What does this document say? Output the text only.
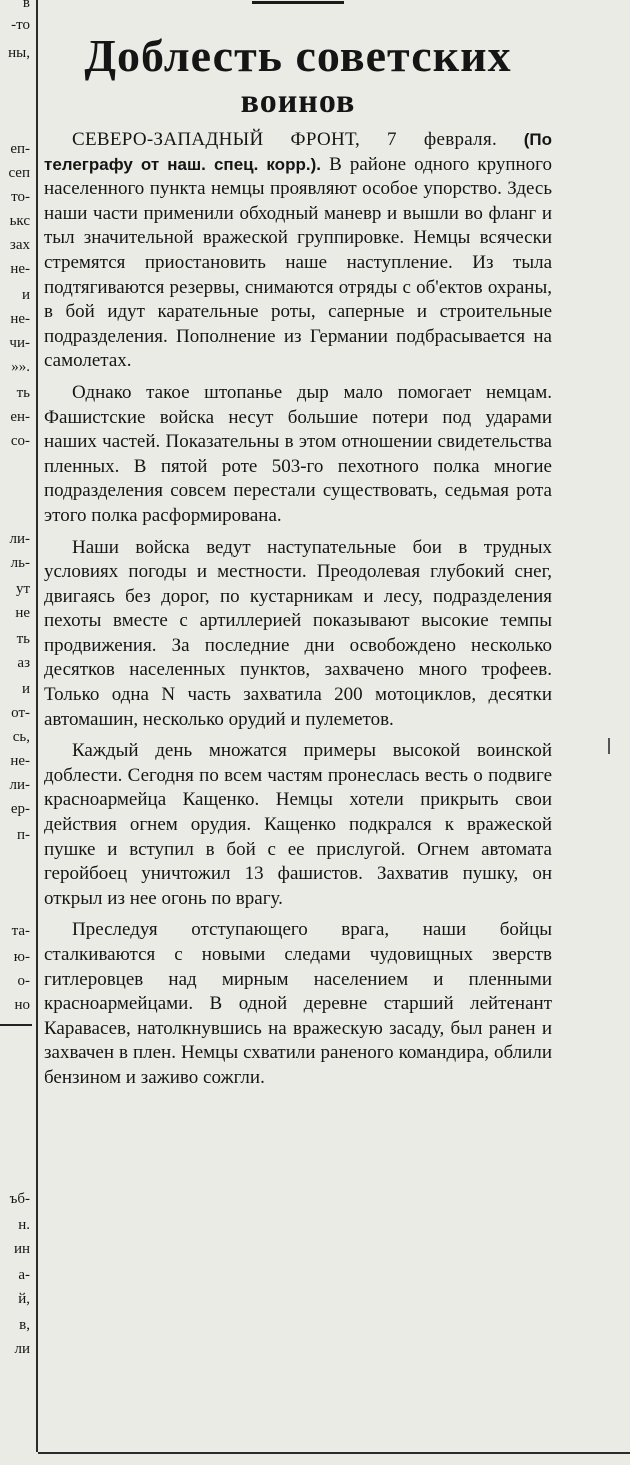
в
-то
ны,
еп-
сеп
то-
ькс
зах
не-
и
не-
чи-
»».
ть
ен-
со-
ли-
ль-
ут
не
ть
аз
и
от-
сь,
не-
ли-
ер-
п-
та-
ю-
о-
но
ъб-
н.
ин
а-
й,
в,
ли
Доблесть советских
воинов

СЕВЕРО-ЗАПАДНЫЙ ФРОНТ, 7 февраля. (По телеграфу от наш. спец. корр.). В районе одного крупного населенного пункта немцы проявляют особое упорство. Здесь наши части применили обходный маневр и вышли во фланг и тыл значительной вражеской группировке. Немцы всячески стремятся приостановить наше наступление. Из тыла подтягиваются резервы, снимаются отряды с об'ектов охраны, в бой идут карательные роты, саперные и строительные подразделения. Пополнение из Германии подбрасывается на самолетах.

Однако такое штопанье дыр мало помогает немцам. Фашистские войска несут большие потери под ударами наших частей. Показательны в этом отношении свидетельства пленных. В пятой роте 503-го пехотного полка многие подразделения совсем перестали существовать, седьмая рота этого полка расформирована.

Наши войска ведут наступательные бои в трудных условиях погоды и местности. Преодолевая глубокий снег, двигаясь без дорог, по кустарникам и лесу, подразделения пехоты вместе с артиллерией показывают высокие темпы продвижения. За последние дни освобождено несколько десятков населенных пунктов, захвачено много трофеев. Только одна N часть захватила 200 мотоциклов, десятки автомашин, несколько орудий и пулеметов.

Каждый день множатся примеры высокой воинской доблести. Сегодня по всем частям пронеслась весть о подвиге красноармейца Кащенко. Немцы хотели прикрыть свои действия огнем орудия. Кащенко подкрался к вражеской пушке и вступил в бой с ее прислугой. Огнем автомата геройбоец уничтожил 13 фашистов. Захватив пушку, он открыл из нее огонь по врагу.

Преследуя отступающего врага, наши бойцы сталкиваются с новыми следами чудовищных зверств гитлеровцев над мирным населением и пленными красноармейцами. В одной деревне старший лейтенант Каравасев, натолкнувшись на вражескую засаду, был ранен и захвачен в плен. Немцы схватили раненого командира, облили бензином и заживо сожгли.
